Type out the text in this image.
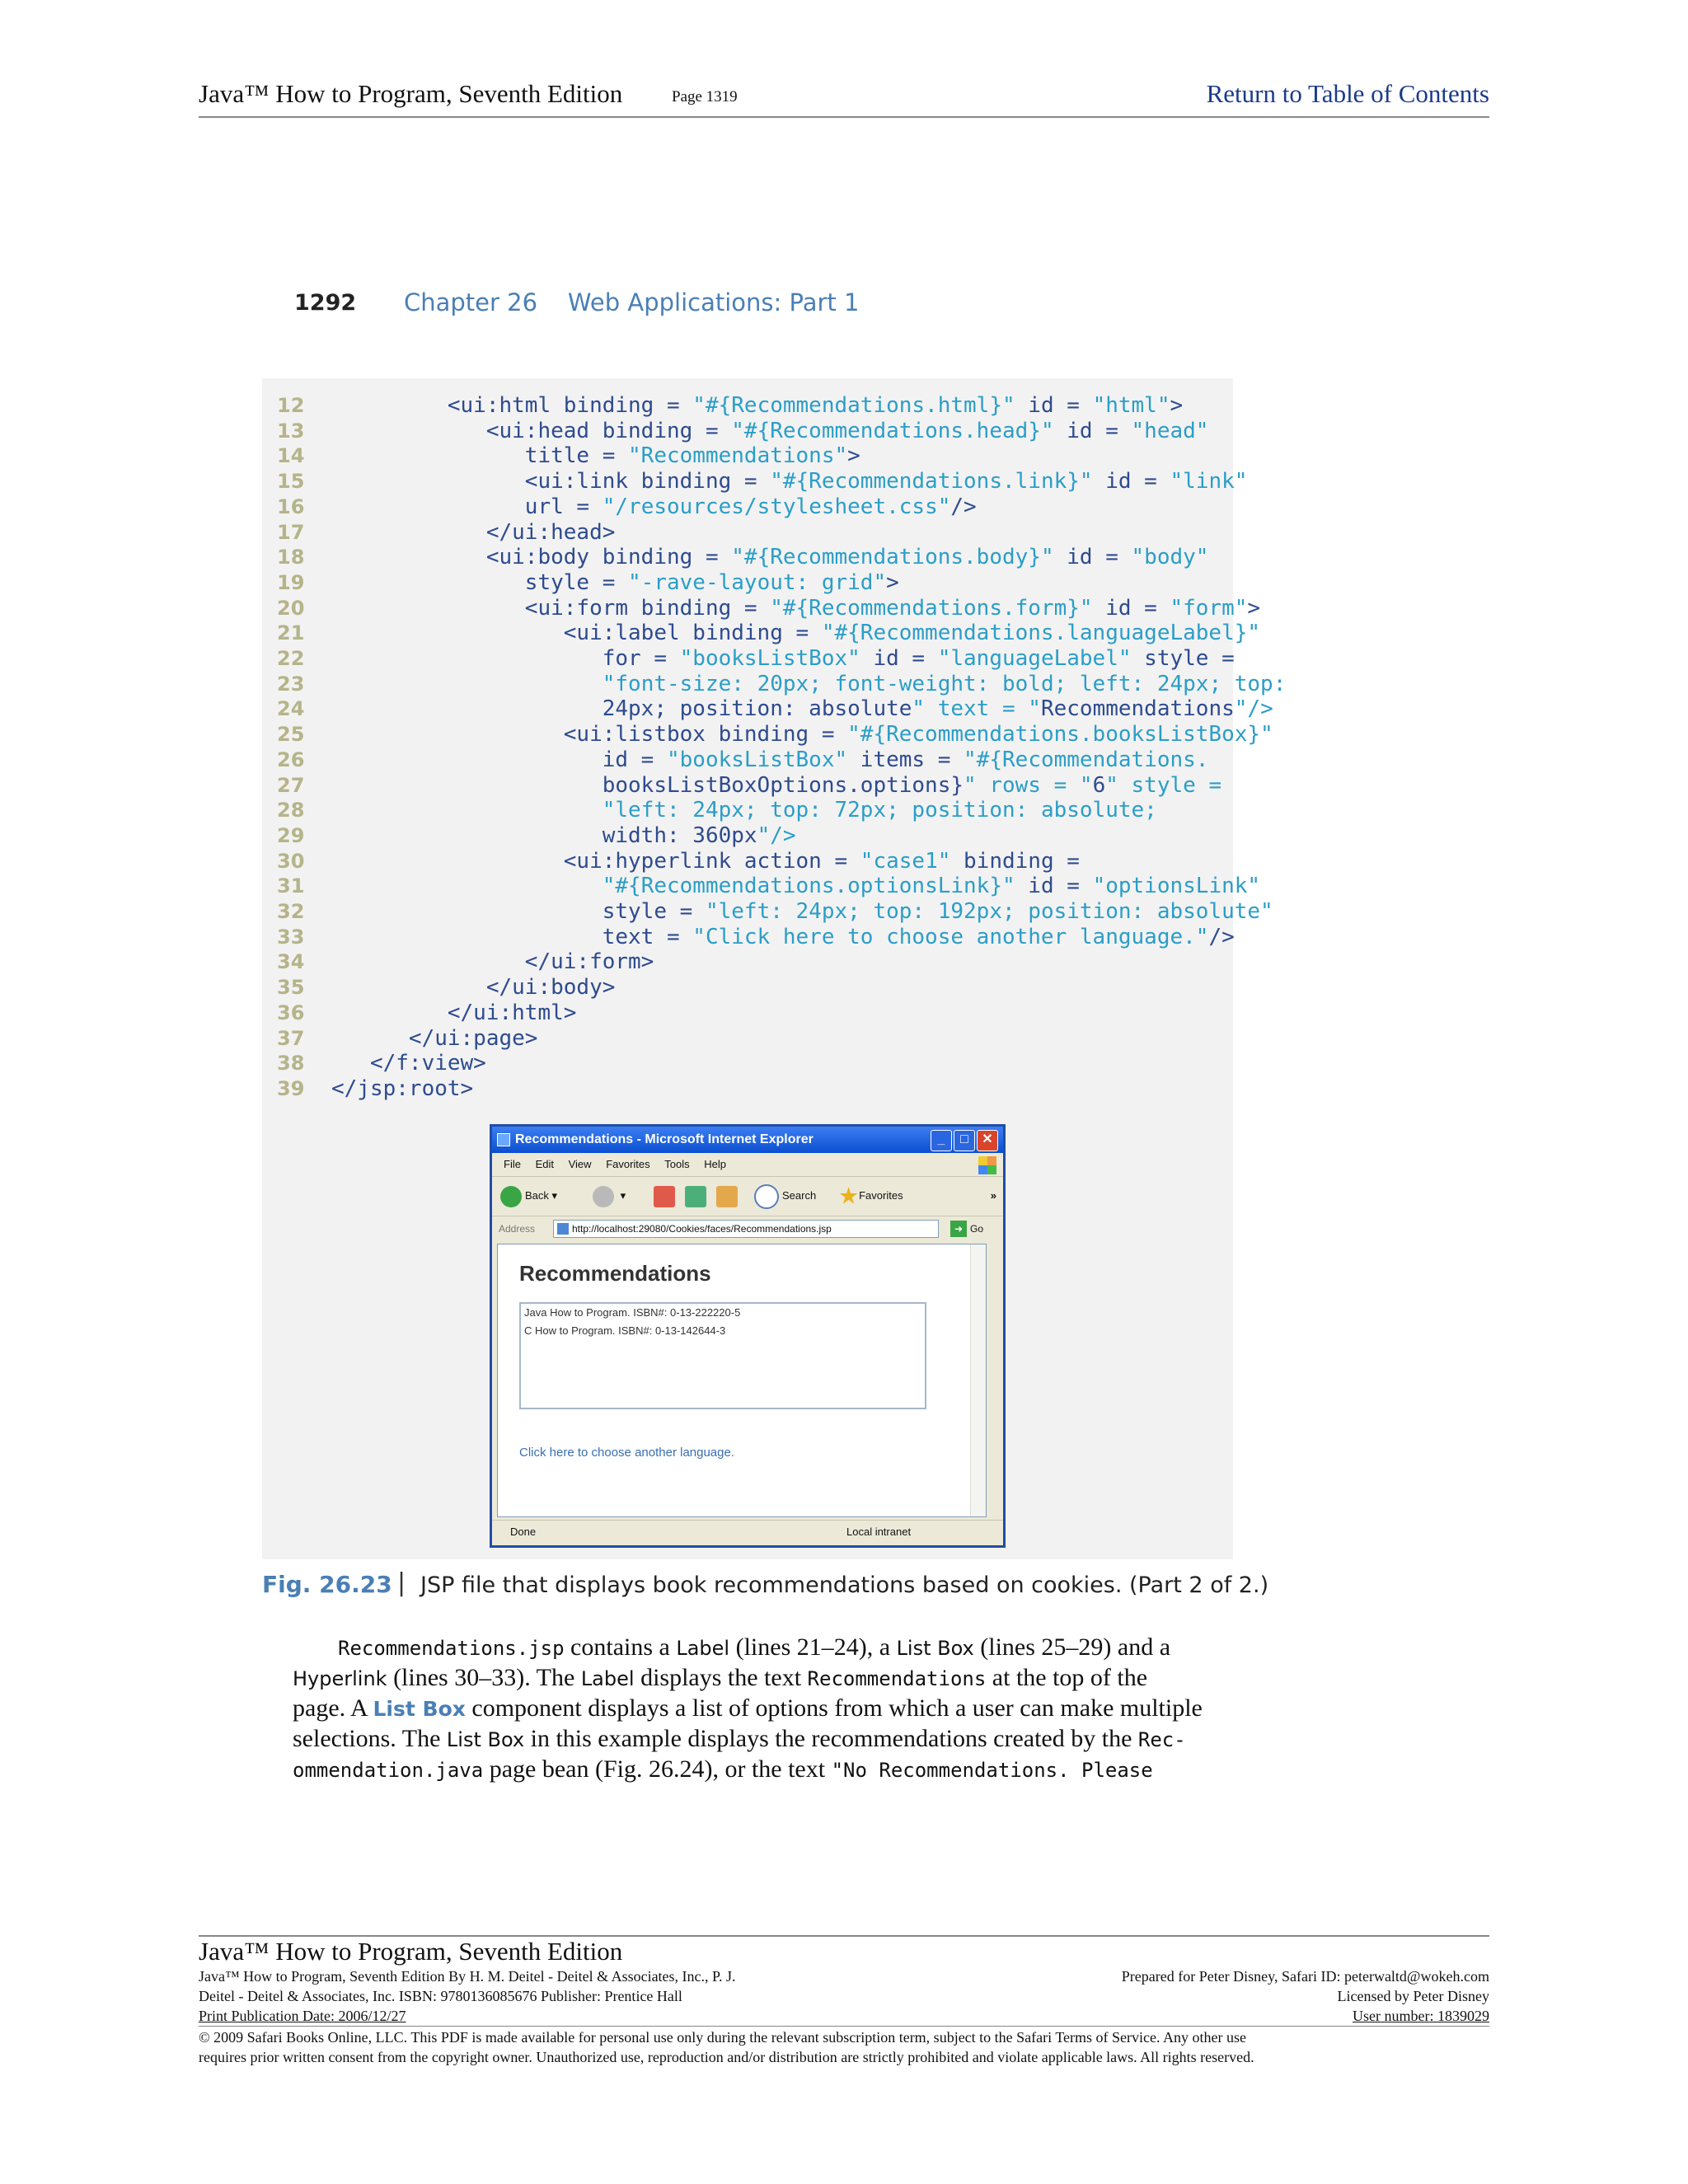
Java™ How to Program, Seventh Edition	Page 1319	Return to Table of Contents
1292 Chapter 26    Web Applications: Part 1
12	<ui:html binding = "#{Recommendations.html}" id = "html">
13	<ui:head binding = "#{Recommendations.head}" id = "head"
14	title = "Recommendations">
15	<ui:link binding = "#{Recommendations.link}" id = "link"
16	url = "/resources/stylesheet.css"/>
17	</ui:head>
18	<ui:body binding = "#{Recommendations.body}" id = "body"
19	style = "-rave-layout: grid">
20	<ui:form binding = "#{Recommendations.form}" id = "form">
21	<ui:label binding = "#{Recommendations.languageLabel}"
22	for = "booksListBox" id = "languageLabel" style =
23	"font-size: 20px; font-weight: bold; left: 24px; top:
24	24px; position: absolute" text = "Recommendations"/>
25	<ui:listbox binding = "#{Recommendations.booksListBox}"
26	id = "booksListBox" items = "#{Recommendations.
27	booksListBoxOptions.options}" rows = "6" style =
28	"left: 24px; top: 72px; position: absolute;
29	width: 360px"/>
30	<ui:hyperlink action = "case1" binding =
31	"#{Recommendations.optionsLink}" id = "optionsLink"
32	style = "left: 24px; top: 192px; position: absolute"
33	text = "Click here to choose another language."/>
34	</ui:form>
35	</ui:body>
36	</ui:html>
37	</ui:page>
38	</f:view>
39	</jsp:root>
Recommendations - Microsoft Internet Explorer	_	□	✕
File Edit View Favorites Tools Help
Back ▾	▾	Search ★Favorites	»
Address	http://localhost:29080/Cookies/faces/Recommendations.jsp	➜ Go
Recommendations
Java How to Program. ISBN#: 0-13-222220-5
C How to Program. ISBN#: 0-13-142644-3
Click here to choose another language.
Done	Local intranet
Fig. 26.23 | JSP file that displays book recommendations based on cookies. (Part 2 of 2.)
Recommendations.jsp contains a Label (lines 21–24), a List Box (lines 25–29) and a
Hyperlink (lines 30–33). The Label displays the text Recommendations at the top of the
page. A List Box component displays a list of options from which a user can make multiple
selections. The List Box in this example displays the recommendations created by the Rec-
ommendation.java page bean (Fig. 26.24), or the text "No Recommendations. Please
Java™ How to Program, Seventh Edition
Java™ How to Program, Seventh Edition By H. M. Deitel - Deitel & Associates, Inc., P. J.
Deitel - Deitel & Associates, Inc. ISBN: 9780136085676 Publisher: Prentice Hall
Print Publication Date: 2006/12/27
Prepared for Peter Disney, Safari ID: peterwaltd@wokeh.com
Licensed by Peter Disney
User number: 1839029
© 2009 Safari Books Online, LLC. This PDF is made available for personal use only during the relevant subscription term, subject to the Safari Terms of Service. Any other use
requires prior written consent from the copyright owner. Unauthorized use, reproduction and/or distribution are strictly prohibited and violate applicable laws. All rights reserved.
